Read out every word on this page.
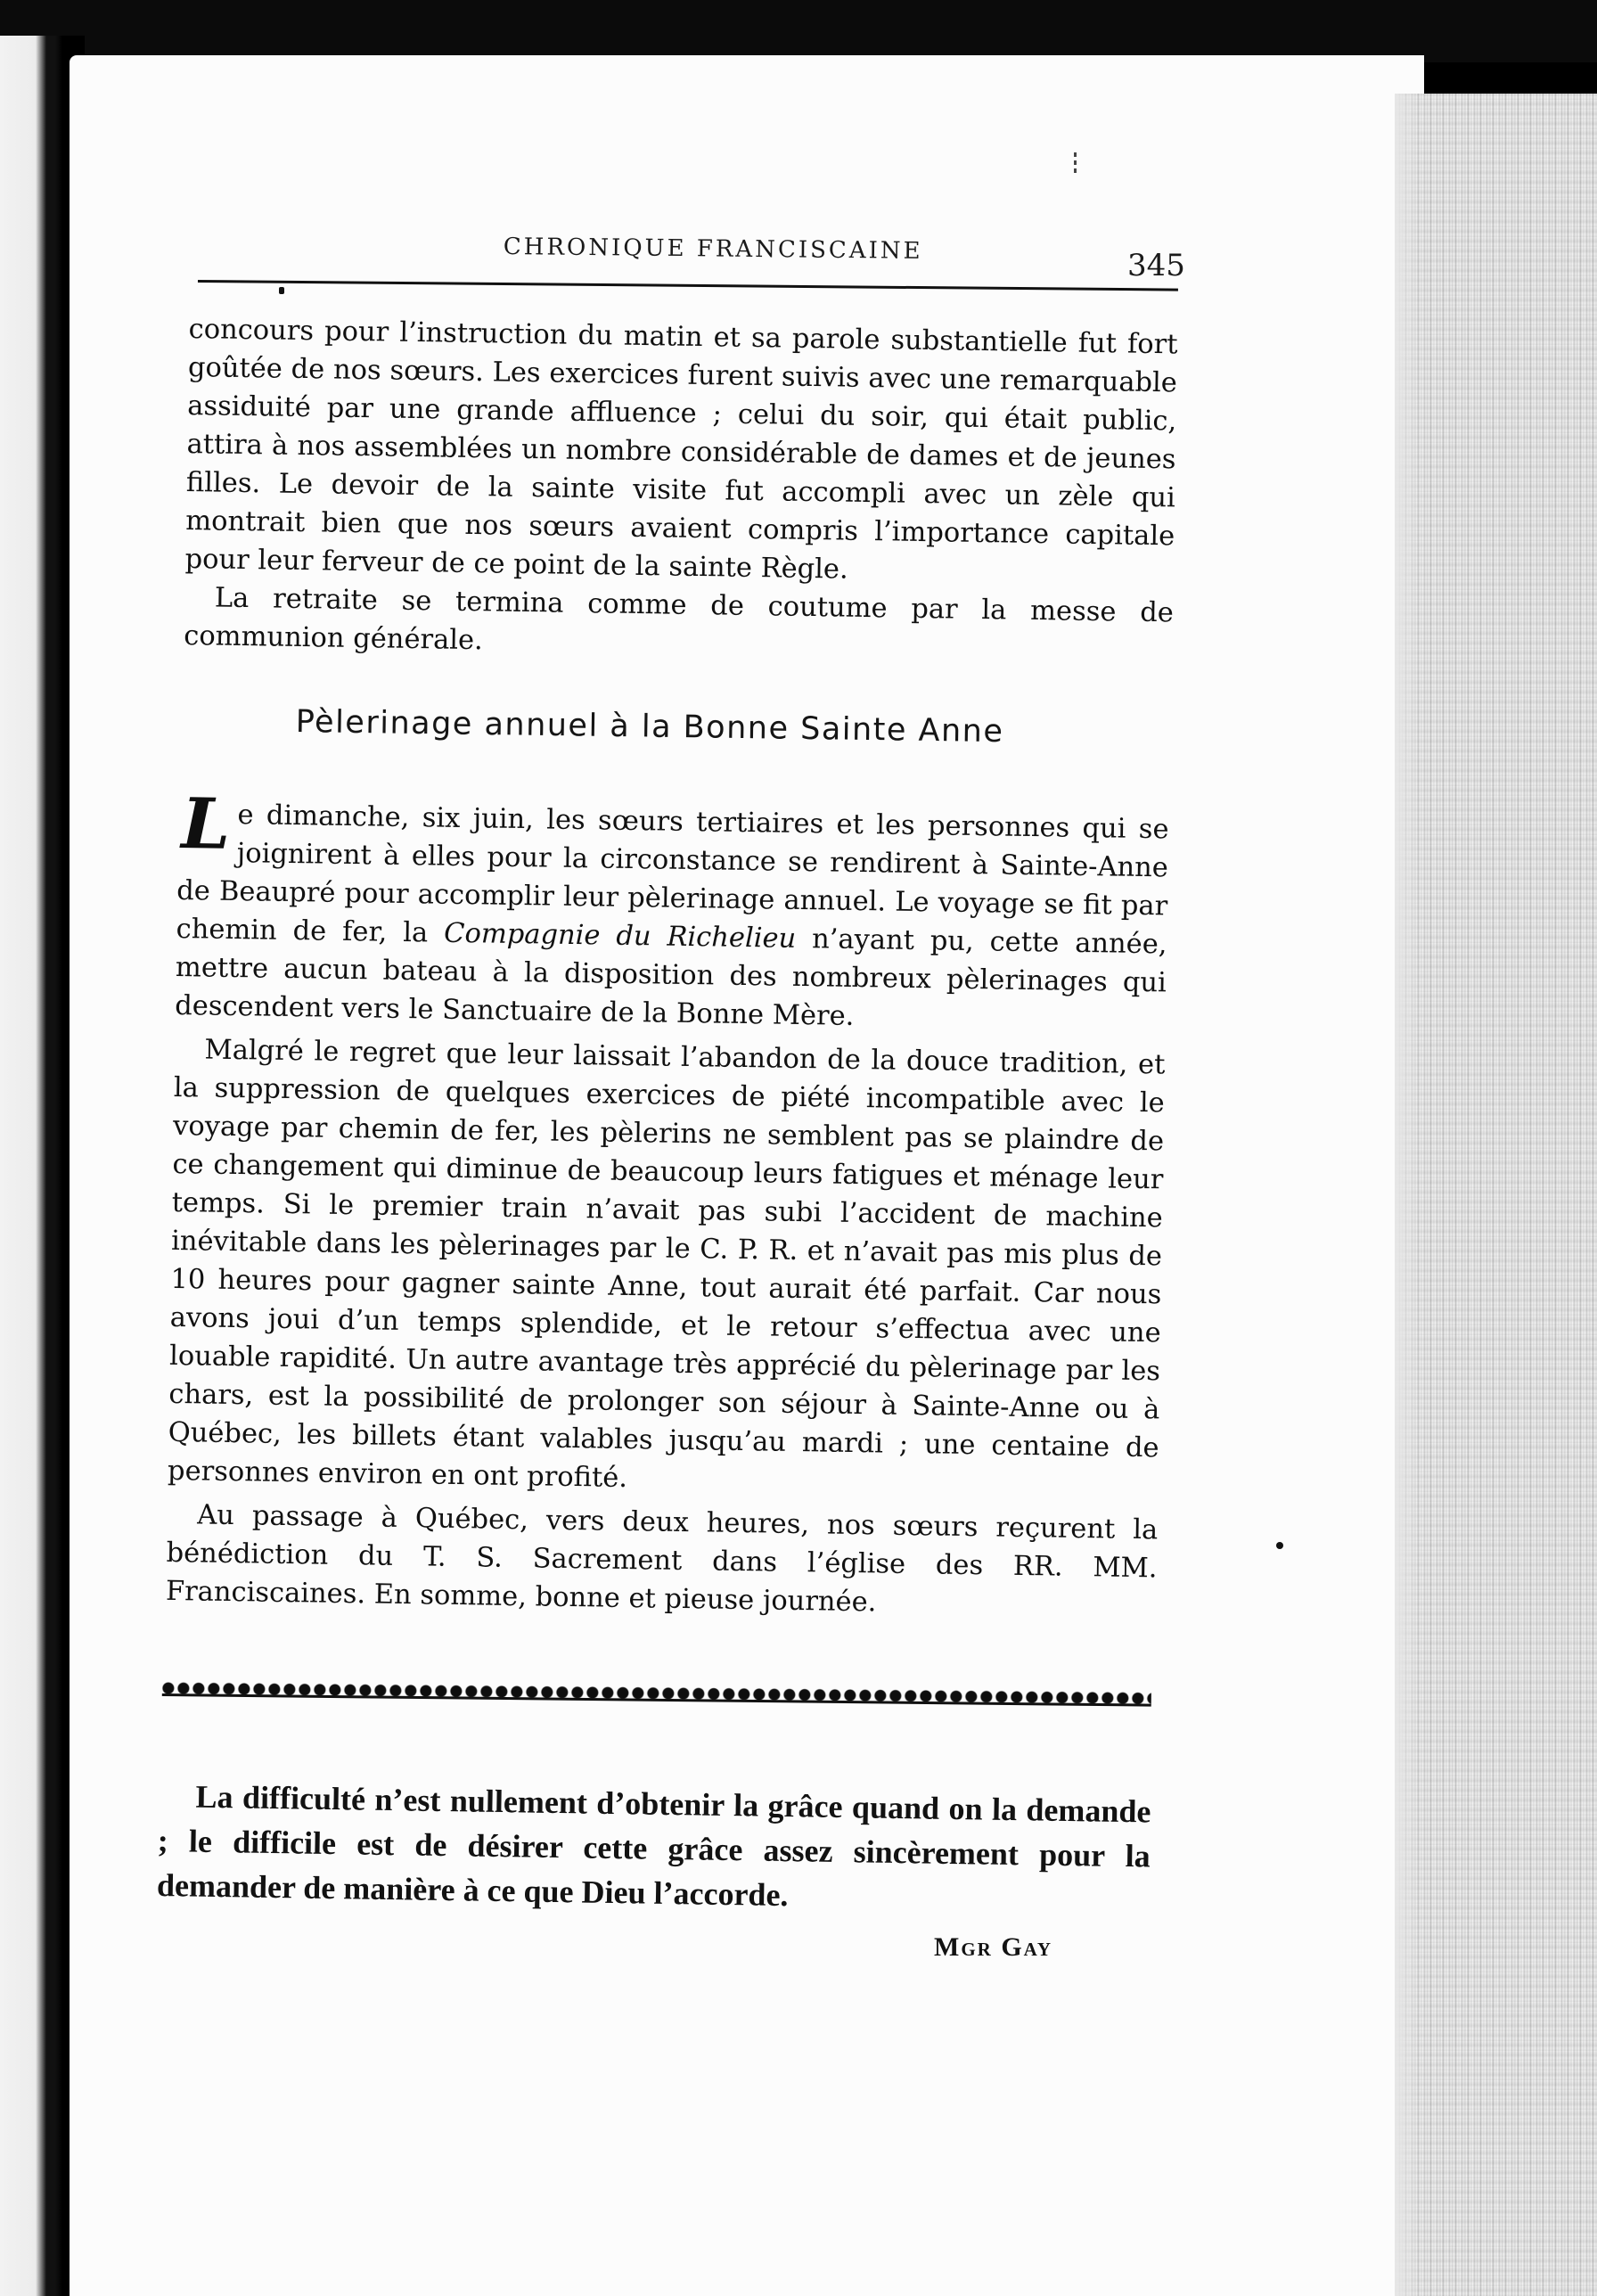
CHRONIQUE FRANCISCAINE	345

concours pour l’instruction du matin et sa parole substantielle fut fort goûtée de nos sœurs. Les exercices furent suivis avec une remarquable assiduité par une grande affluence ; celui du soir, qui était public, attira à nos assemblées un nombre considérable de dames et de jeunes filles. Le devoir de la sainte visite fut accompli avec un zèle qui montrait bien que nos sœurs avaient compris l’importance capitale pour leur ferveur de ce point de la sainte Règle.

La retraite se termina comme de coutume par la messe de communion générale.

Pèlerinage annuel à la Bonne Sainte Anne

Le dimanche, six juin, les sœurs tertiaires et les personnes qui se joignirent à elles pour la circonstance se rendirent à Sainte-Anne de Beaupré pour accomplir leur pèlerinage annuel. Le voyage se fit par chemin de fer, la Compagnie du Richelieu n’ayant pu, cette année, mettre aucun bateau à la disposition des nombreux pèlerinages qui descendent vers le Sanctuaire de la Bonne Mère.

Malgré le regret que leur laissait l’abandon de la douce tradition, et la suppression de quelques exercices de piété incompatible avec le voyage par chemin de fer, les pèlerins ne semblent pas se plaindre de ce changement qui diminue de beaucoup leurs fatigues et ménage leur temps. Si le premier train n’avait pas subi l’accident de machine inévitable dans les pèlerinages par le C. P. R. et n’avait pas mis plus de 10 heures pour gagner sainte Anne, tout aurait été parfait. Car nous avons joui d’un temps splendide, et le retour s’effectua avec une louable rapidité. Un autre avantage très apprécié du pèlerinage par les chars, est la possibilité de prolonger son séjour à Sainte-Anne ou à Québec, les billets étant valables jusqu’au mardi ; une centaine de personnes environ en ont profité.

Au passage à Québec, vers deux heures, nos sœurs reçurent la bénédiction du T. S. Sacrement dans l’église des RR. MM. Franciscaines. En somme, bonne et pieuse journée.

La difficulté n’est nullement d’obtenir la grâce quand on la demande ; le difficile est de désirer cette grâce assez sincèrement pour la demander de manière à ce que Dieu l’accorde.

Mgr Gay
